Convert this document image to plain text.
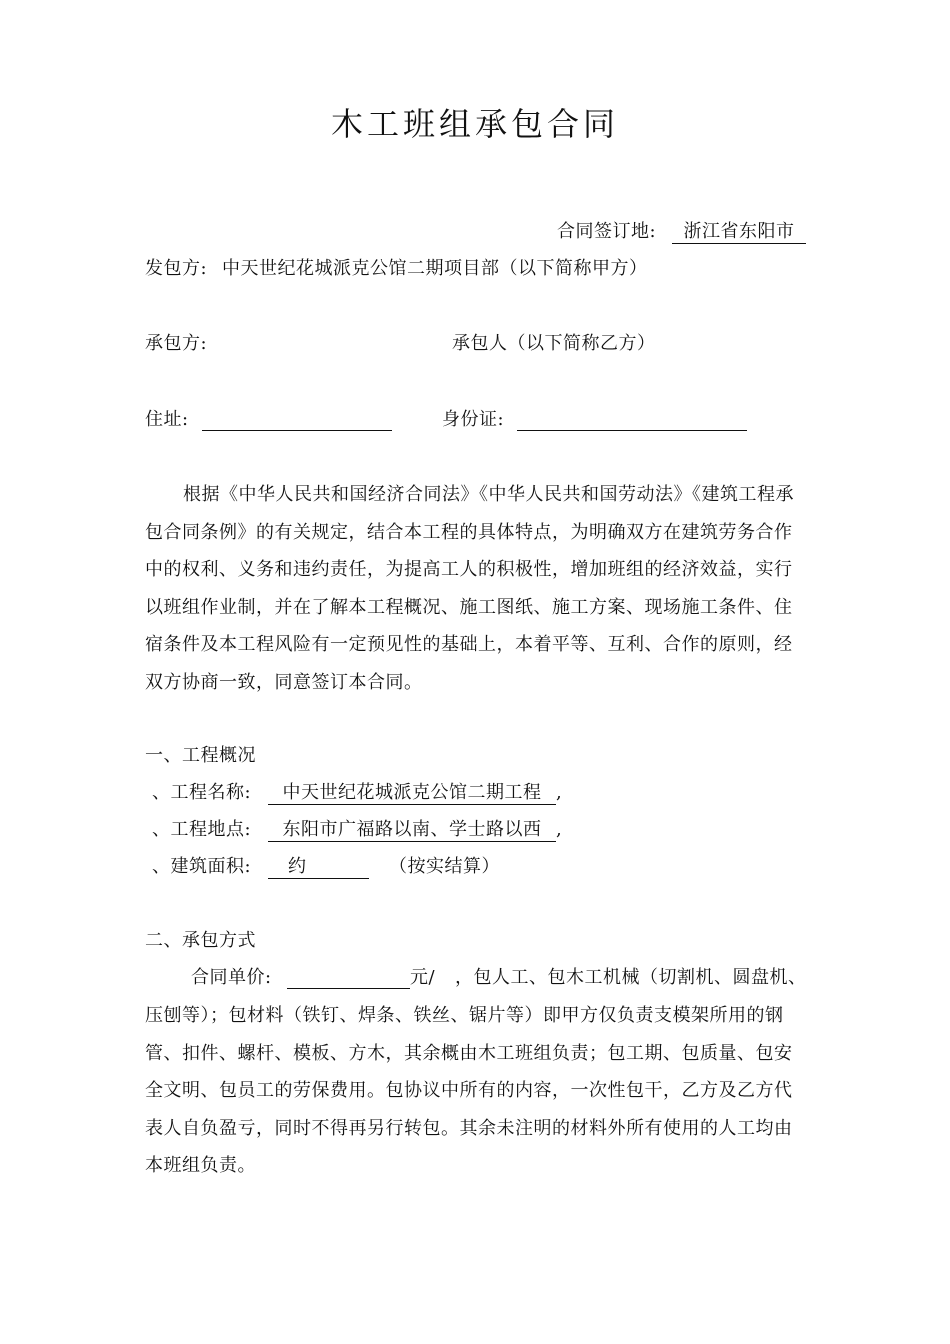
木工班组承包合同
合同签订地:	浙江省东阳市
发包方: 中天世纪花城派克公馆二期项目部（以下简称甲方）
承包方:	承包人（以下简称乙方）
住址:	身份证:
根据《中华人民共和国经济合同法》《中华人民共和国劳动法》《建筑工程承
包合同条例》的有关规定，结合本工程的具体特点，为明确双方在建筑劳务合作
中的权利、义务和违约责任，为提高工人的积极性，增加班组的经济效益，实行
以班组作业制，并在了解本工程概况、施工图纸、施工方案、现场施工条件、住
宿条件及本工程风险有一定预见性的基础上，本着平等、互利、合作的原则，经
双方协商一致，同意签订本合同。
一、工程概况
、工程名称:	中天世纪花城派克公馆二期工程 ,
、工程地点:	东阳市广福路以南、学士路以西 ,
、建筑面积:	约	（按实结算）
二、承包方式
合同单价:	元/ ，包人工、包木工机械（切割机、圆盘机、
压刨等）；包材料（铁钉、焊条、铁丝、锯片等）即甲方仅负责支模架所用的钢
管、扣件、螺杆、模板、方木，其余概由木工班组负责；包工期、包质量、包安
全文明、包员工的劳保费用。包协议中所有的内容，一次性包干，乙方及乙方代
表人自负盈亏，同时不得再另行转包。其余未注明的材料外所有使用的人工均由
本班组负责。
